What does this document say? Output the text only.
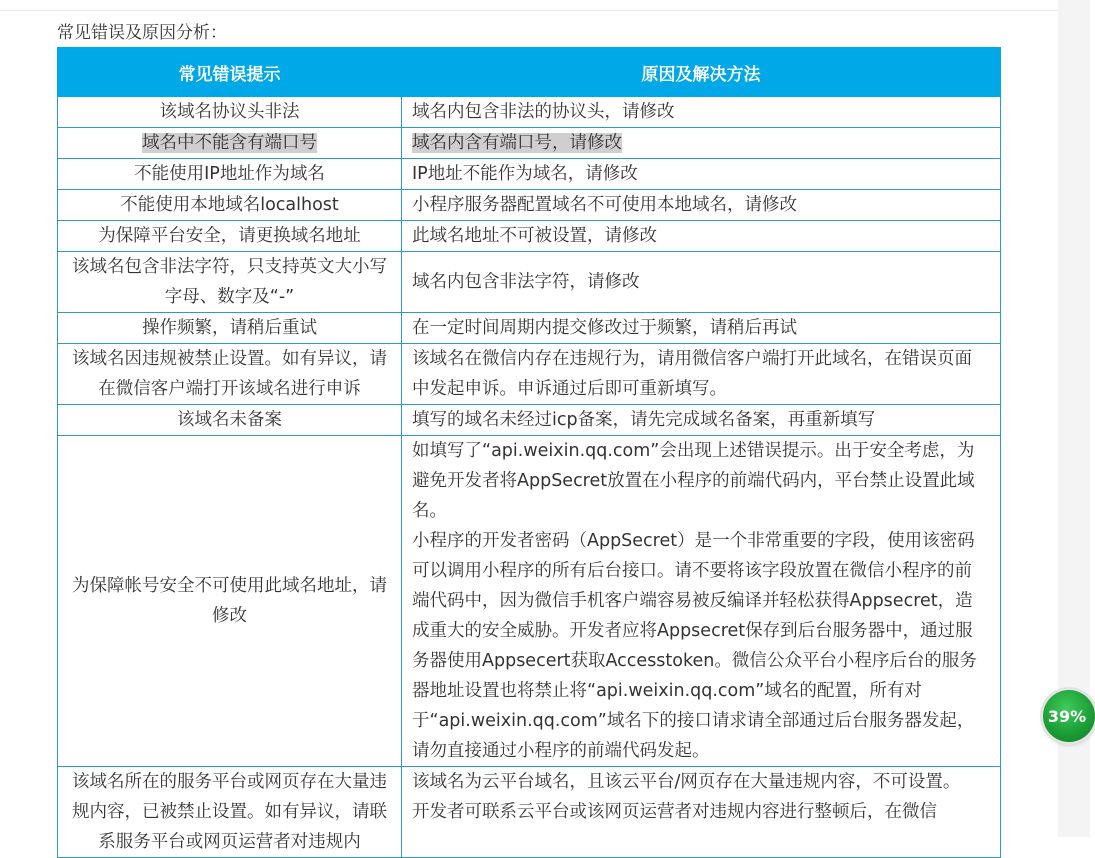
常见错误及原因分析：

常见错误提示	原因及解决方法
该域名协议头非法	域名内包含非法的协议头，请修改
域名中不能含有端口号	域名内含有端口号，请修改
不能使用IP地址作为域名	IP地址不能作为域名，请修改
不能使用本地域名localhost	小程序服务器配置域名不可使用本地域名，请修改
为保障平台安全，请更换域名地址	此域名地址不可被设置，请修改
该域名包含非法字符，只支持英文大小写字母、数字及“-”	域名内包含非法字符，请修改
操作频繁，请稍后重试	在一定时间周期内提交修改过于频繁，请稍后再试
该域名因违规被禁止设置。如有异议，请在微信客户端打开该域名进行申诉	该域名在微信内存在违规行为，请用微信客户端打开此域名，在错误页面中发起申诉。申诉通过后即可重新填写。
该域名未备案	填写的域名未经过icp备案，请先完成域名备案，再重新填写
为保障帐号安全不可使用此域名地址，请修改	如填写了“api.weixin.qq.com”会出现上述错误提示。出于安全考虑，为避免开发者将AppSecret放置在小程序的前端代码内，平台禁止设置此域名。
小程序的开发者密码（AppSecret）是一个非常重要的字段，使用该密码可以调用小程序的所有后台接口。请不要将该字段放置在微信小程序的前端代码中，因为微信手机客户端容易被反编译并轻松获得Appsecret，造成重大的安全威胁。开发者应将Appsecret保存到后台服务器中，通过服务器使用Appsecert获取Accesstoken。微信公众平台小程序后台的服务器地址设置也将禁止将“api.weixin.qq.com”域名的配置，所有对于“api.weixin.qq.com”域名下的接口请求请全部通过后台服务器发起，请勿直接通过小程序的前端代码发起。

该域名所在的服务平台或网页存在大量违规内容，已被禁止设置。如有异议，请联系服务平台或网页运营者对违规内	该域名为云平台域名，且该云平台/网页存在大量违规内容，不可设置。
开发者可联系云平台或该网页运营者对违规内容进行整顿后，在微信
39%
